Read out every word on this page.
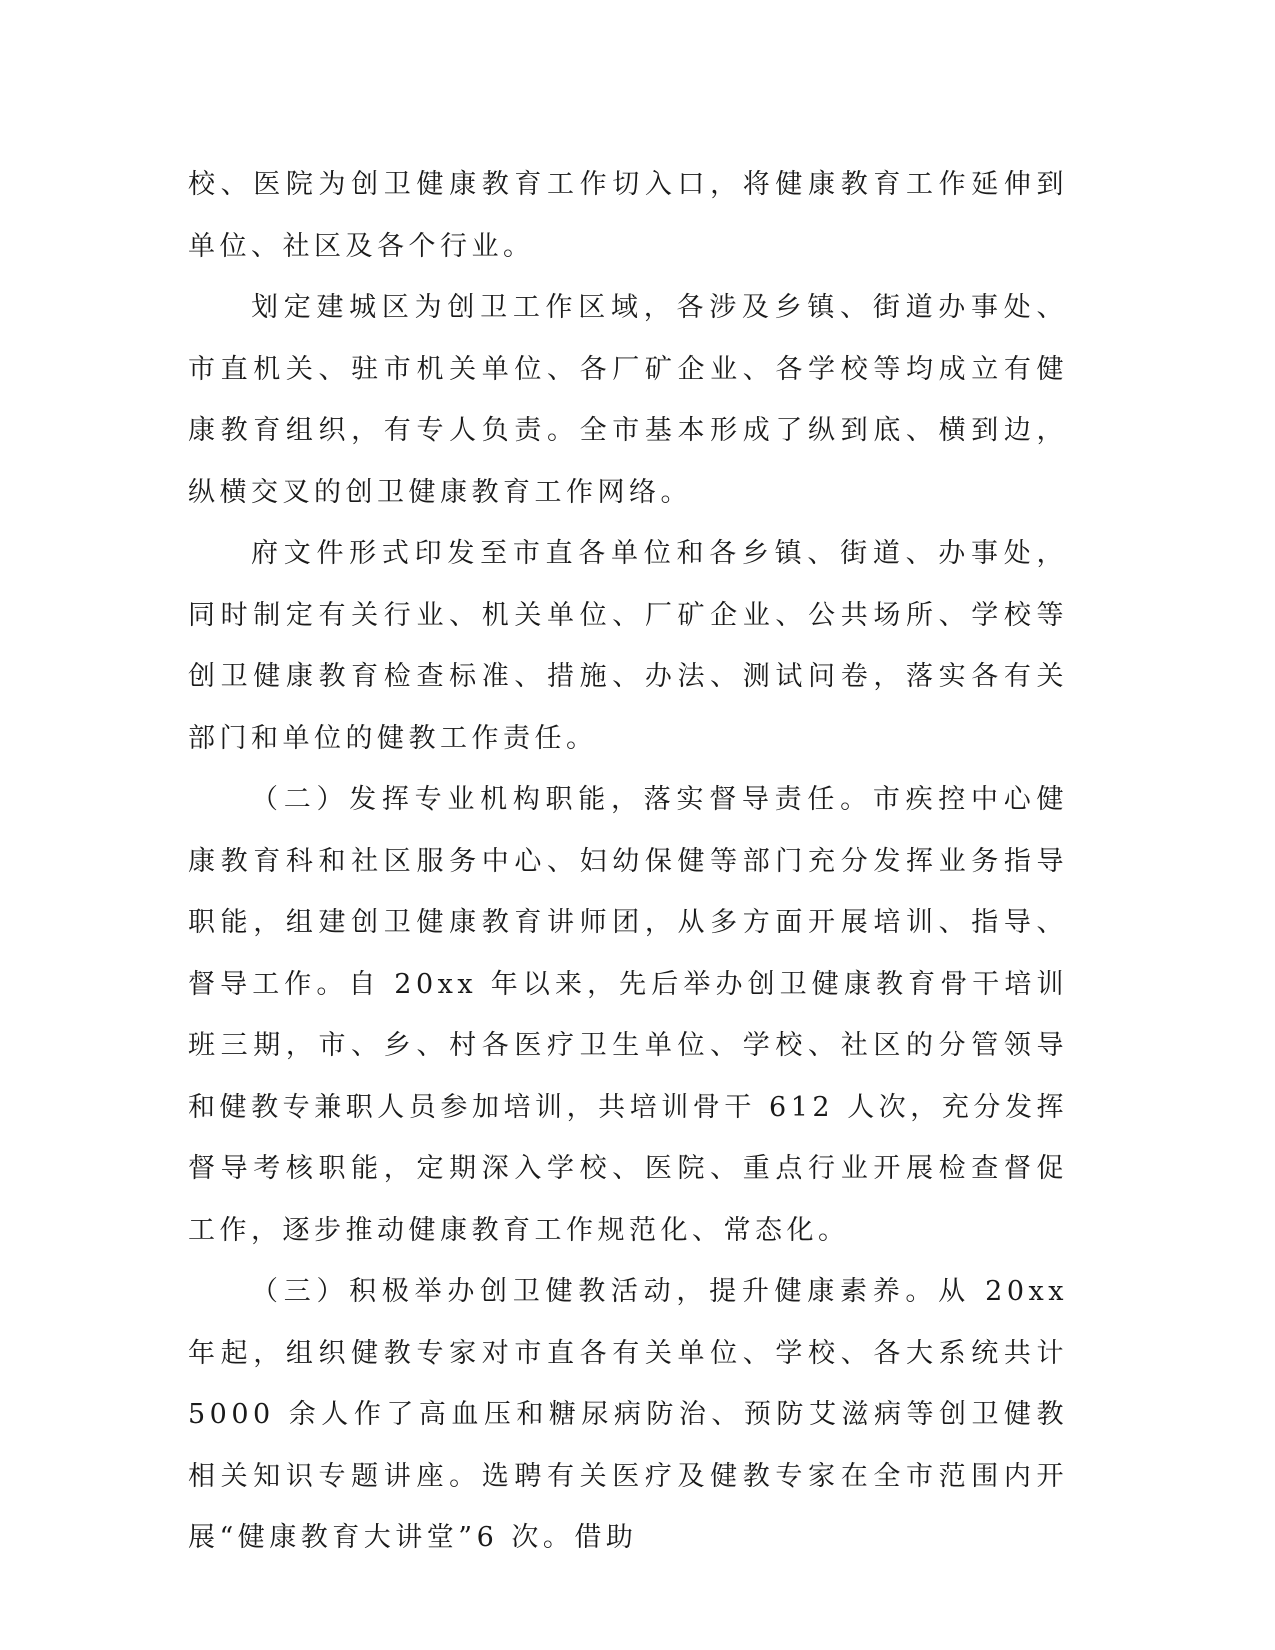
校、医院为创卫健康教育工作切入口，将健康教育工作延伸到单位、社区及各个行业。

划定建城区为创卫工作区域，各涉及乡镇、街道办事处、市直机关、驻市机关单位、各厂矿企业、各学校等均成立有健康教育组织，有专人负责。全市基本形成了纵到底、横到边，纵横交叉的创卫健康教育工作网络。

府文件形式印发至市直各单位和各乡镇、街道、办事处，同时制定有关行业、机关单位、厂矿企业、公共场所、学校等创卫健康教育检查标准、措施、办法、测试问卷，落实各有关部门和单位的健教工作责任。

（二）发挥专业机构职能，落实督导责任。市疾控中心健康教育科和社区服务中心、妇幼保健等部门充分发挥业务指导职能，组建创卫健康教育讲师团，从多方面开展培训、指导、督导工作。自 20xx 年以来，先后举办创卫健康教育骨干培训班三期，市、乡、村各医疗卫生单位、学校、社区的分管领导和健教专兼职人员参加培训，共培训骨干 612 人次，充分发挥督导考核职能，定期深入学校、医院、重点行业开展检查督促工作，逐步推动健康教育工作规范化、常态化。

（三）积极举办创卫健教活动，提升健康素养。从 20xx 年起，组织健教专家对市直各有关单位、学校、各大系统共计 5000 余人作了高血压和糖尿病防治、预防艾滋病等创卫健教相关知识专题讲座。选聘有关医疗及健教专家在全市范围内开展“健康教育大讲堂”6 次。借助
